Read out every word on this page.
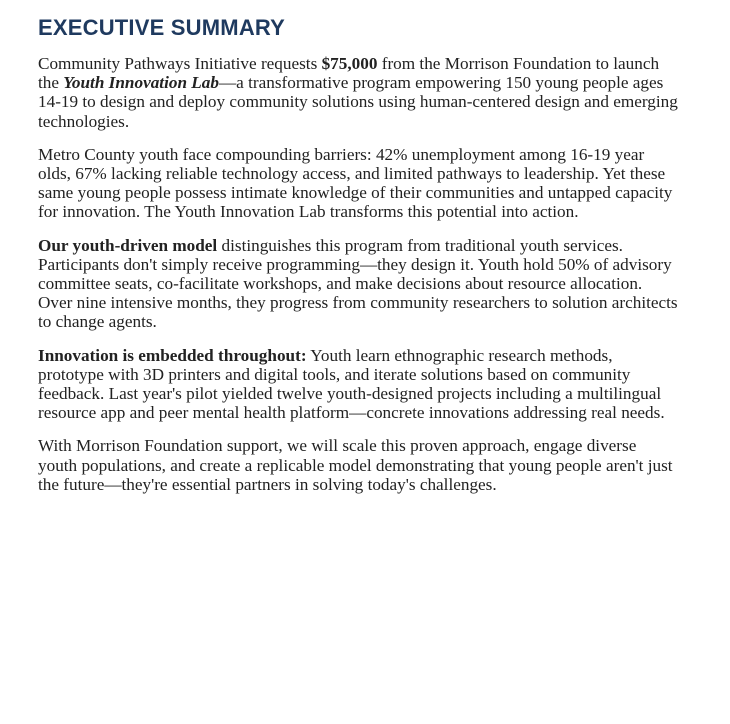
EXECUTIVE SUMMARY

Community Pathways Initiative requests $75,000 from the Morrison Foundation to launch the Youth Innovation Lab—a transformative program empowering 150 young people ages 14-19 to design and deploy community solutions using human-centered design and emerging technologies.

Metro County youth face compounding barriers: 42% unemployment among 16-19 year olds, 67% lacking reliable technology access, and limited pathways to leadership. Yet these same young people possess intimate knowledge of their communities and untapped capacity for innovation. The Youth Innovation Lab transforms this potential into action.

Our youth-driven model distinguishes this program from traditional youth services. Participants don't simply receive programming—they design it. Youth hold 50% of advisory committee seats, co-facilitate workshops, and make decisions about resource allocation. Over nine intensive months, they progress from community researchers to solution architects to change agents.

Innovation is embedded throughout: Youth learn ethnographic research methods, prototype with 3D printers and digital tools, and iterate solutions based on community feedback. Last year's pilot yielded twelve youth-designed projects including a multilingual resource app and peer mental health platform—concrete innovations addressing real needs.

With Morrison Foundation support, we will scale this proven approach, engage diverse youth populations, and create a replicable model demonstrating that young people aren't just the future—they're essential partners in solving today's challenges.
